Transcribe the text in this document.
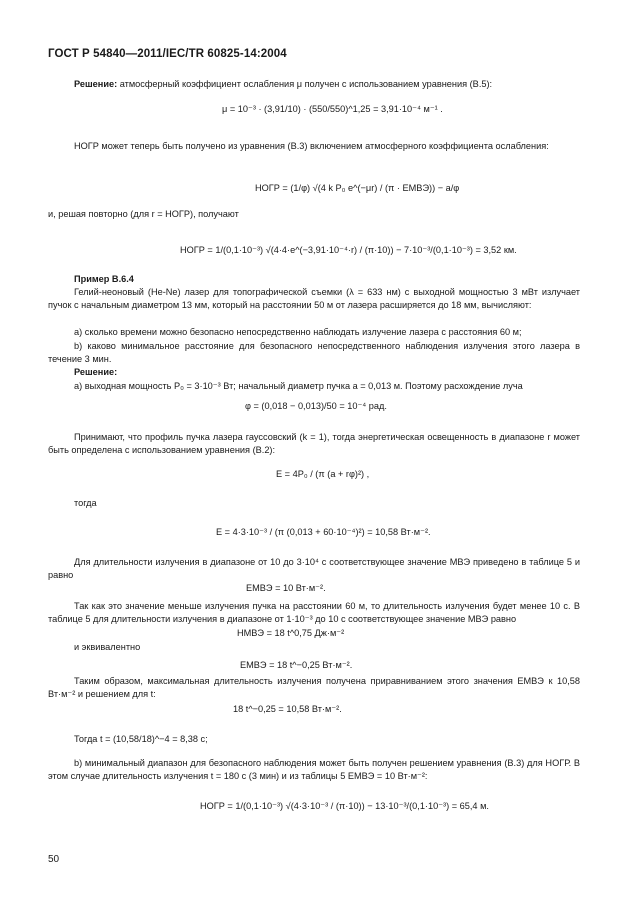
ГОСТ Р 54840—2011/IEC/TR 60825-14:2004

Решение: атмосферный коэффициент ослабления μ получен с использованием уравнения (В.5):

μ = 10⁻³ · (3,91/10) · (550/550)^1,25 = 3,91·10⁻⁴ м⁻¹ .

НОГР может теперь быть получено из уравнения (В.3) включением атмосферного коэффициента ослабления:

НОГР = (1/φ) √(4 k P₀ e^(−μr) / (π · EМВЭ)) − a/φ

и, решая повторно (для r = НОГР), получают

НОГР = 1/(0,1·10⁻³) √(4·4·e^(−3,91·10⁻⁴·r) / (π·10)) − 7·10⁻³/(0,1·10⁻³) = 3,52 км.
Пример В.6.4

Гелий-неоновый (He-Ne) лазер для топографической съемки (λ = 633 нм) с выходной мощностью 3 мВт излучает пучок с начальным диаметром 13 мм, который на расстоянии 50 м от лазера расширяется до 18 мм, вычисляют:

а) сколько времени можно безопасно непосредственно наблюдать излучение лазера с расстояния 60 м;

b) каково минимальное расстояние для безопасного непосредственного наблюдения излучения этого лазера в течение 3 мин.

Решение:

а) выходная мощность P₀ = 3·10⁻³ Вт; начальный диаметр пучка a = 0,013 м. Поэтому расхождение луча

φ = (0,018 − 0,013)/50 = 10⁻⁴ рад.

Принимают, что профиль пучка лазера гауссовский (k = 1), тогда энергетическая освещенность в диапазоне r может быть определена с использованием уравнения (В.2):

E = 4P₀ / (π (a + rφ)²) ,

тогда

E = 4·3·10⁻³ / (π (0,013 + 60·10⁻⁴)²) = 10,58 Вт·м⁻².

Для длительности излучения в диапазоне от 10 до 3·10⁴ с соответствующее значение МВЭ приведено в таблице 5 и равно

EМВЭ = 10 Вт·м⁻².

Так как это значение меньше излучения пучка на расстоянии 60 м, то длительность излучения будет менее 10 с. В таблице 5 для длительности излучения в диапазоне от 1·10⁻³ до 10 с соответствующее значение МВЭ равно

HМВЭ = 18 t^0,75 Дж·м⁻²

и эквивалентно

EМВЭ = 18 t^−0,25 Вт·м⁻².

Таким образом, максимальная длительность излучения получена приравниванием этого значения EМВЭ к 10,58 Вт·м⁻² и решением для t:

18 t^−0,25 = 10,58 Вт·м⁻².
Тогда t = (10,58/18)^−4 = 8,38 с;

b) минимальный диапазон для безопасного наблюдения может быть получен решением уравнения (В.3) для НОГР. В этом случае длительность излучения t = 180 с (3 мин) и из таблицы 5 EМВЭ = 10 Вт·м⁻²:

НОГР = 1/(0,1·10⁻³) √(4·3·10⁻³ / (π·10)) − 13·10⁻³/(0,1·10⁻³) = 65,4 м.
50
